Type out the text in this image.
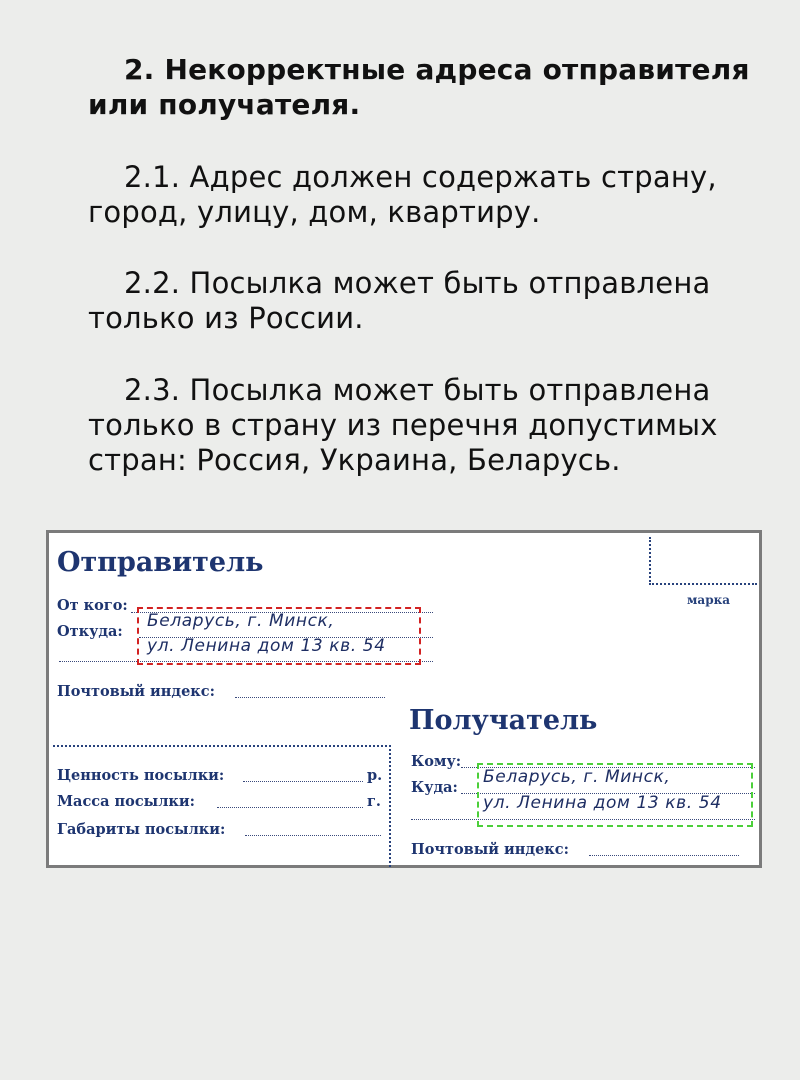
2. Некорректные адреса отправителя или получателя.
2.1. Адрес должен содержать страну, город, улицу, дом, квартиру.
2.2. Посылка может быть отправлена только из России.
2.3. Посылка может быть отправлена только в страну из перечня допустимых стран: Россия, Украина, Беларусь.
Отправитель
От кого:
Откуда:
Беларусь, г. Минск,
ул. Ленина дом 13 кв. 54
Почтовый индекс:
марка
Ценность посылки:	р.
Масса посылки:	г.
Габариты посылки:
Получатель
Кому:
Куда:
Беларусь, г. Минск,
ул. Ленина дом 13 кв. 54
Почтовый индекс:
